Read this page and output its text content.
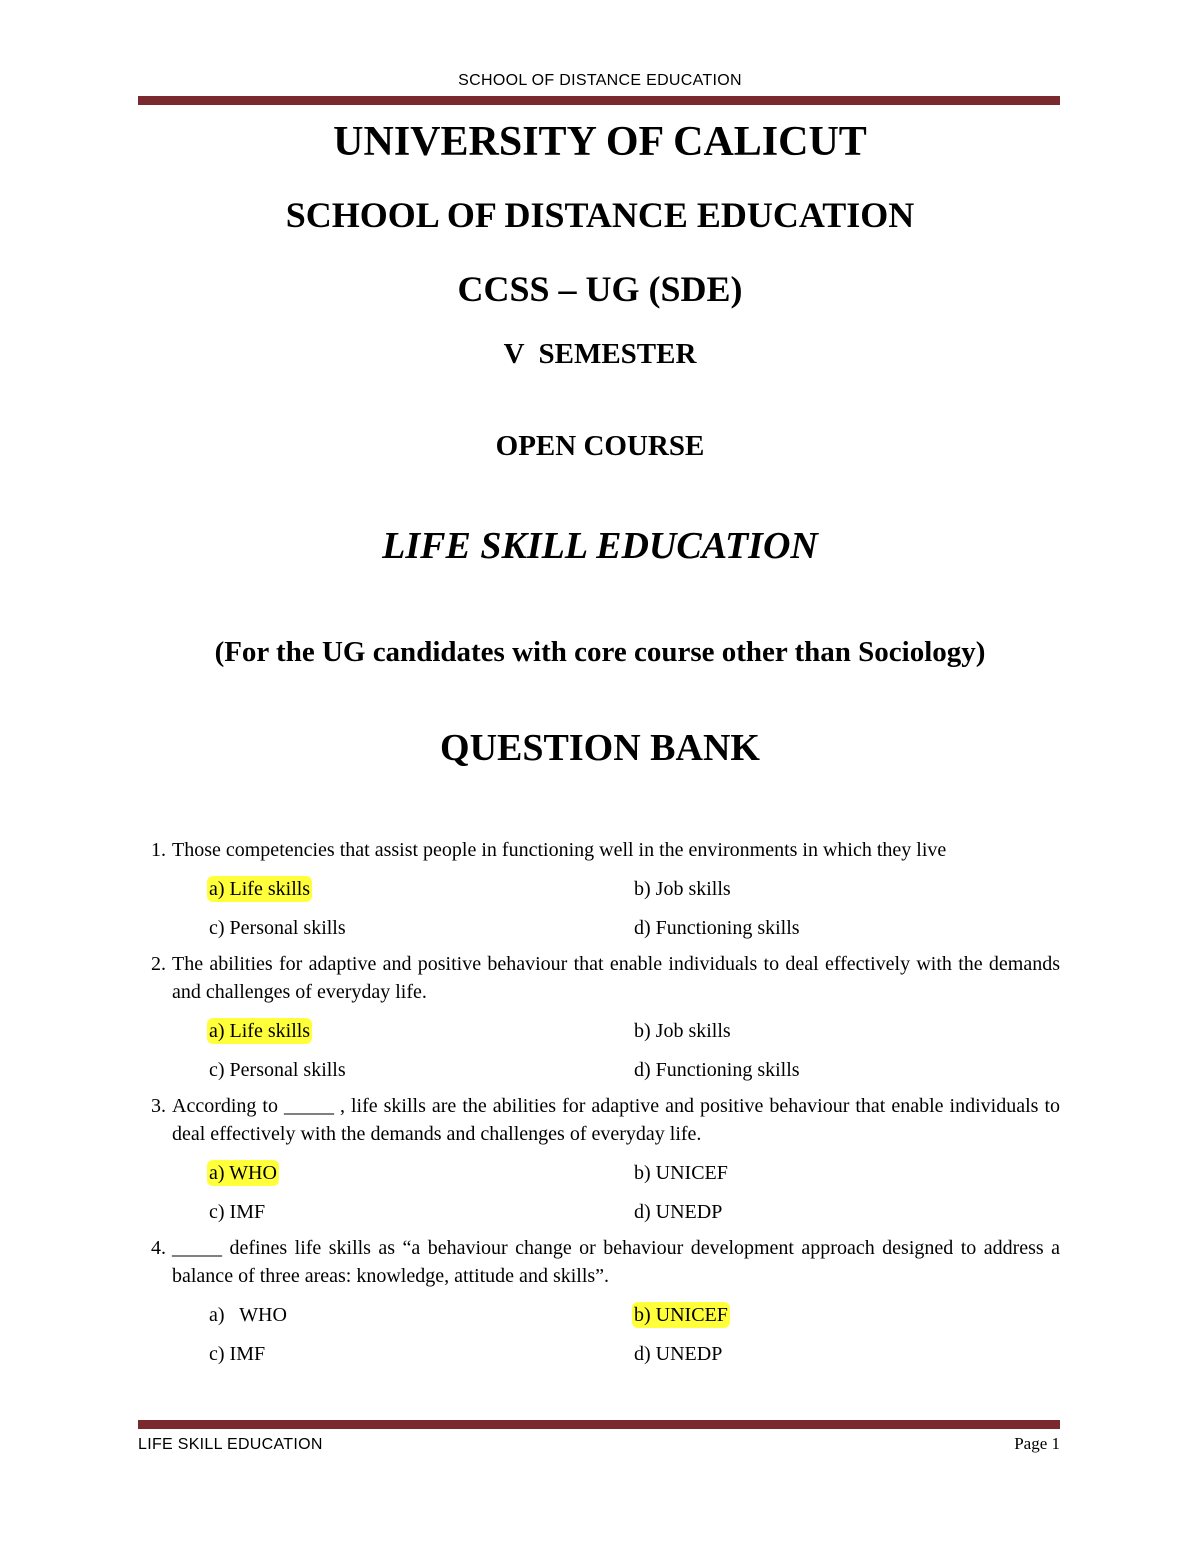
SCHOOL OF DISTANCE EDUCATION
UNIVERSITY OF CALICUT
SCHOOL OF DISTANCE EDUCATION
CCSS – UG (SDE)
V  SEMESTER
OPEN COURSE
LIFE SKILL EDUCATION
(For the UG candidates with core course other than Sociology)
QUESTION BANK
1. Those competencies that assist people in functioning well in the environments in which they live
a) Life skills	b) Job skills
c) Personal skills	d) Functioning skills
2. The abilities for adaptive and positive behaviour that enable individuals to deal effectively with the demands and challenges of everyday life.
a) Life skills	b) Job skills
c) Personal skills	d) Functioning skills
3. According to _____ , life skills are the abilities for adaptive and positive behaviour that enable individuals to deal effectively with the demands and challenges of everyday life.
a) WHO	b) UNICEF
c) IMF	d) UNEDP
4. _____ defines life skills as “a behaviour change or behaviour development approach designed to address a balance of three areas: knowledge, attitude and skills”.
a)   WHO	b) UNICEF
c) IMF	d) UNEDP
LIFE SKILL EDUCATION	Page 1
